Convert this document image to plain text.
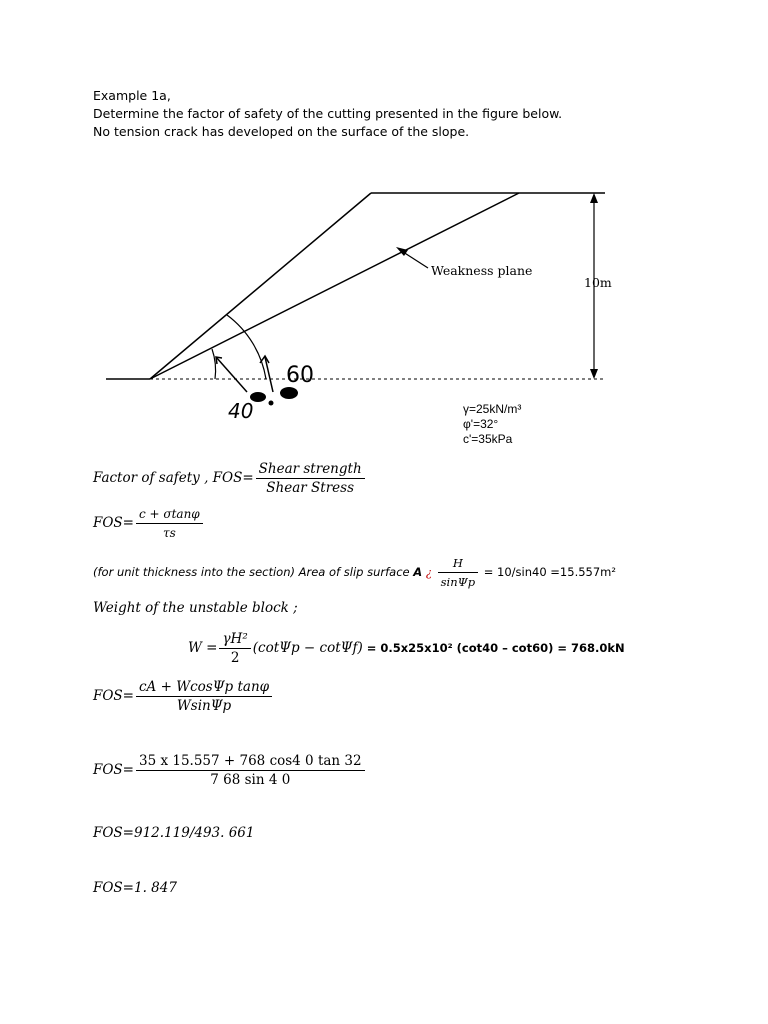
Example 1a,
Determine the factor of safety of the cutting presented in the figure below.
No tension crack has developed on the surface of the slope.
Weakness plane
10m
60
40	γ=25kN/m³
φ'=32°
c'=35kPa
Factor of safety , $FOS= \frac{\text{Shear strength}}{\text{Shear Stress}}$
$FOS= \frac{c + \sigma\tan\varphi}{\tau s}$
(for unit thickness into the section) Area of slip surface A ¿ $\frac{H}{\sin\Psi p} = 10/\sin 40 =15.557m^2$
Weight of the unstable block ;
$W = \frac{\text{γH²}}{2} (\cot\Psi p - \cot\Psi f) = 0.5x25x10^2$ (cot40 – cot60) = 768.0kN
$FOS= \frac{\text{cA + WcosΨp tanφ}}{Wsin\Psi p}$
$FOS= \frac{35 x 15.557 + 768 \cos 4 0 \tan 32}{7 68 \sin 4 0}$
FOS=912.119/493. 661
FOS=1. 847
